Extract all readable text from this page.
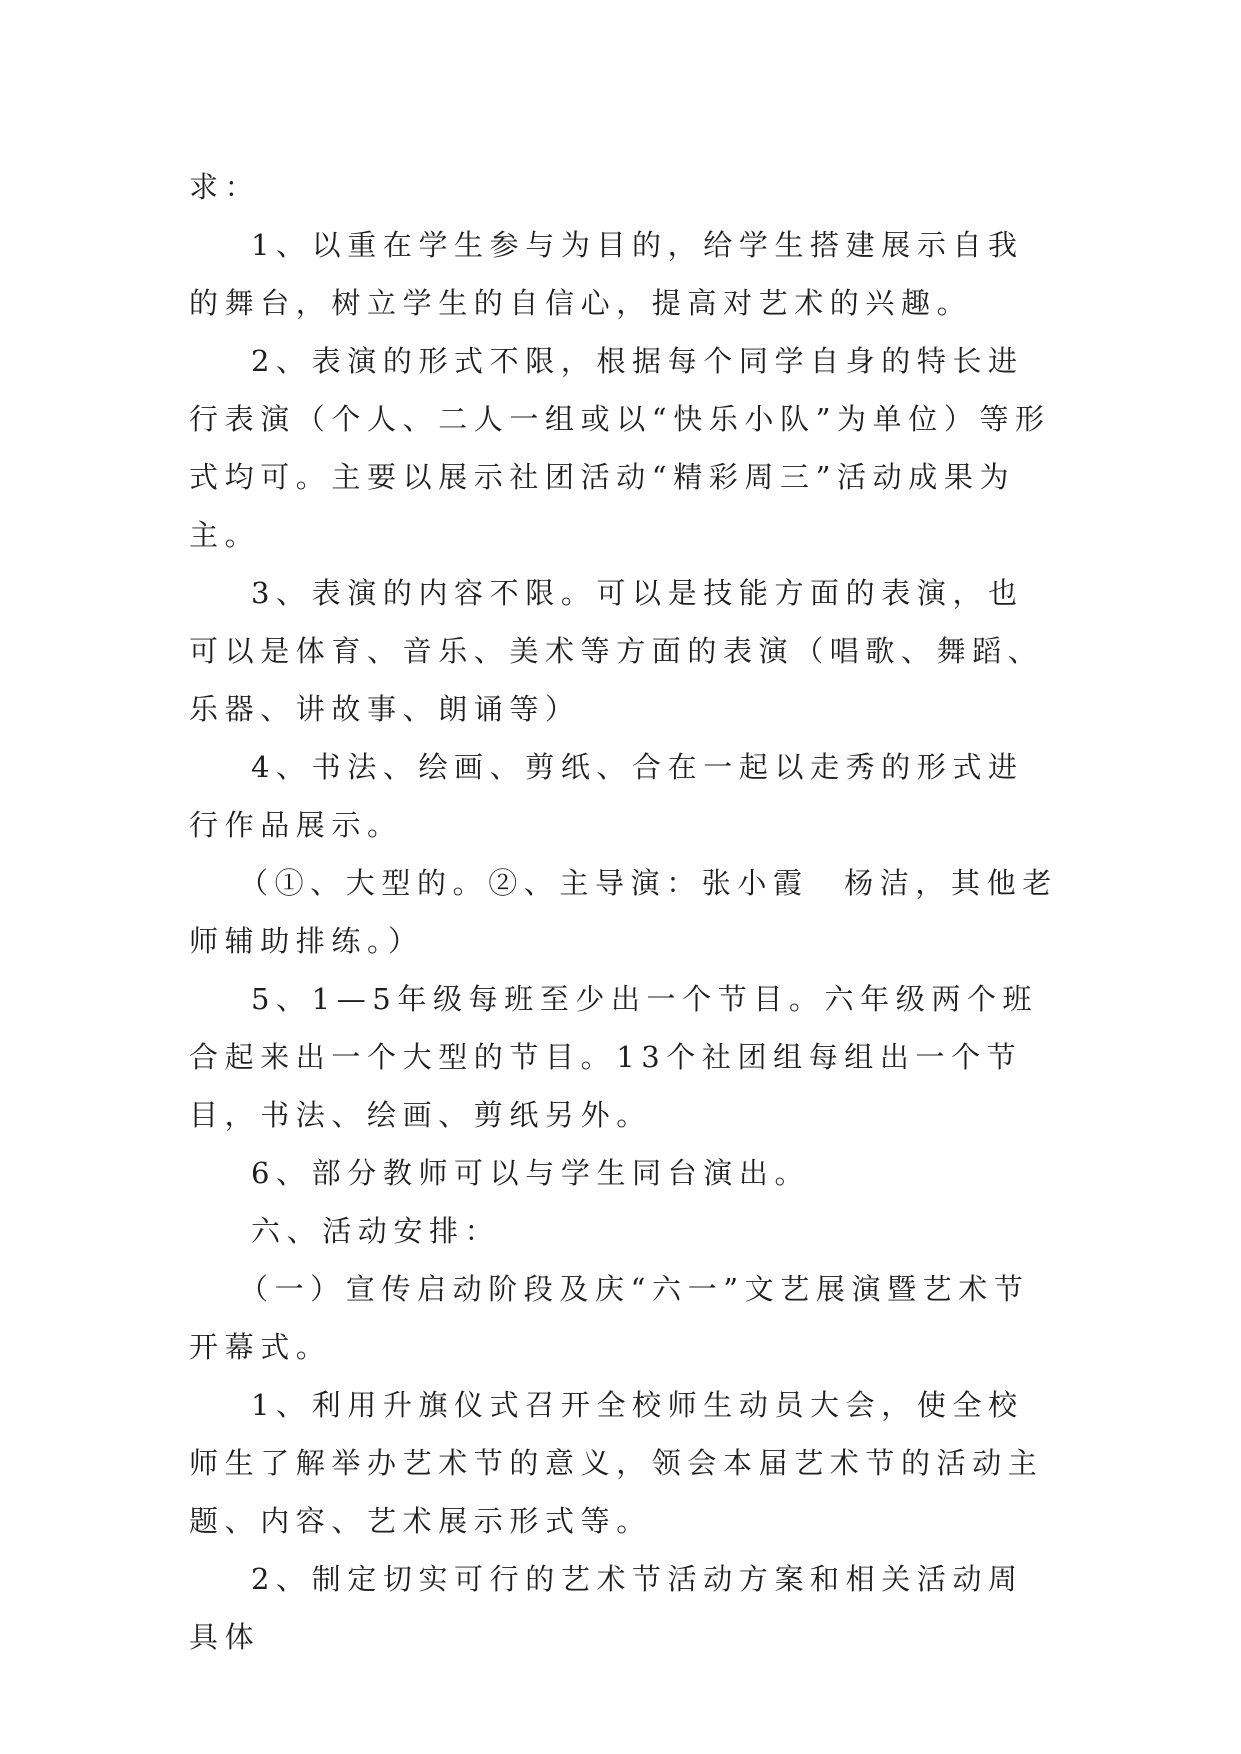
求：

1、以重在学生参与为目的，给学生搭建展示自我的舞台，树立学生的自信心，提高对艺术的兴趣。

2、表演的形式不限，根据每个同学自身的特长进行表演（个人、二人一组或以“快乐小队”为单位）等形式均可。主要以展示社团活动“精彩周三”活动成果为主。

3、表演的内容不限。可以是技能方面的表演，也可以是体育、音乐、美术等方面的表演（唱歌、舞蹈、乐器、讲故事、朗诵等）

4、书法、绘画、剪纸、合在一起以走秀的形式进行作品展示。

（①、大型的。②、主导演：张小霞　杨洁，其他老师辅助排练。）

5、1—5年级每班至少出一个节目。六年级两个班合起来出一个大型的节目。13个社团组每组出一个节目，书法、绘画、剪纸另外。

6、部分教师可以与学生同台演出。

六、活动安排：

（一）宣传启动阶段及庆“六一”文艺展演暨艺术节开幕式。

1、利用升旗仪式召开全校师生动员大会，使全校师生了解举办艺术节的意义，领会本届艺术节的活动主题、内容、艺术展示形式等。

2、制定切实可行的艺术节活动方案和相关活动周具体
